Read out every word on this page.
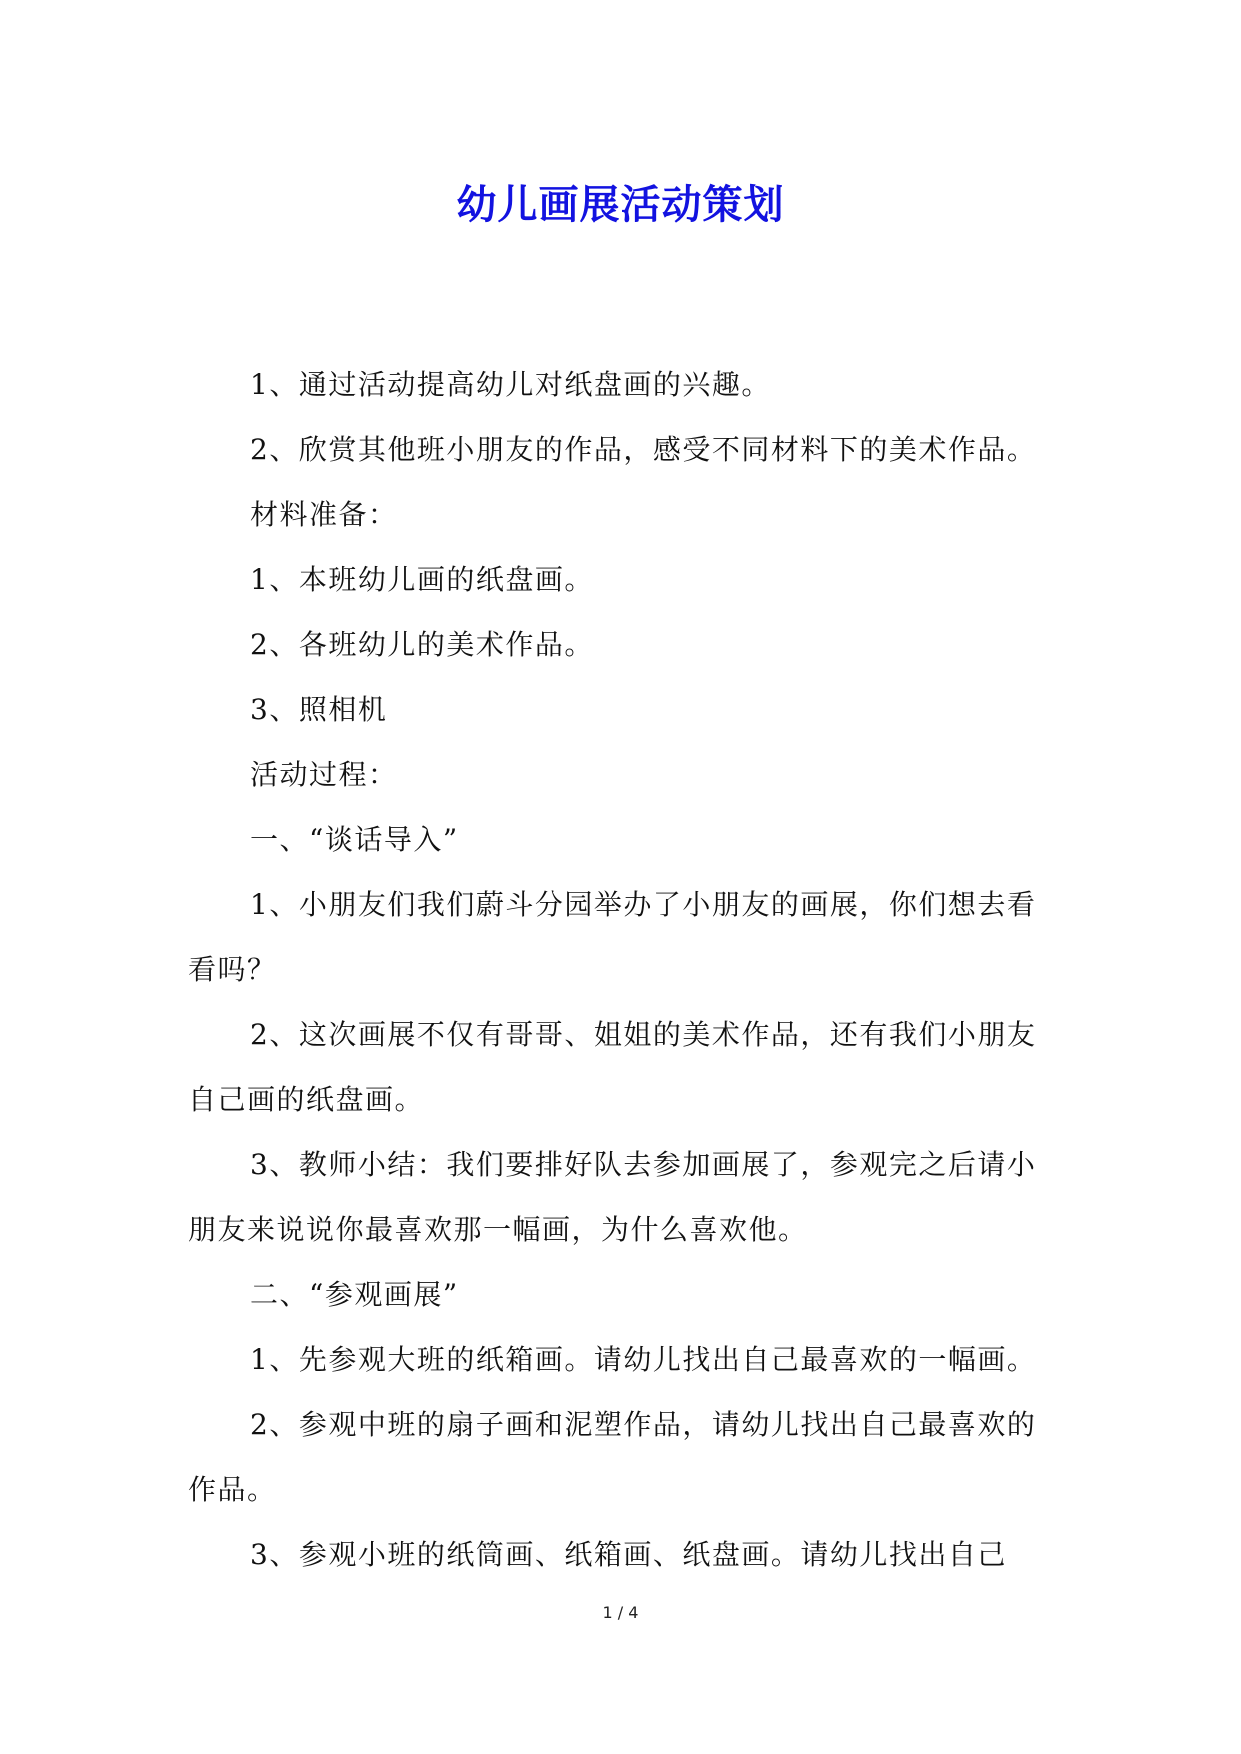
幼儿画展活动策划

1、通过活动提高幼儿对纸盘画的兴趣。

2、欣赏其他班小朋友的作品，感受不同材料下的美术作品。

材料准备：

1、本班幼儿画的纸盘画。

2、各班幼儿的美术作品。

3、照相机

活动过程：

一、“谈话导入”

1、小朋友们我们蔚斗分园举办了小朋友的画展，你们想去看看吗？

2、这次画展不仅有哥哥、姐姐的美术作品，还有我们小朋友自己画的纸盘画。

3、教师小结：我们要排好队去参加画展了，参观完之后请小朋友来说说你最喜欢那一幅画，为什么喜欢他。

二、“参观画展”

1、先参观大班的纸箱画。请幼儿找出自己最喜欢的一幅画。

2、参观中班的扇子画和泥塑作品，请幼儿找出自己最喜欢的作品。

3、参观小班的纸筒画、纸箱画、纸盘画。请幼儿找出自己

1 / 4
